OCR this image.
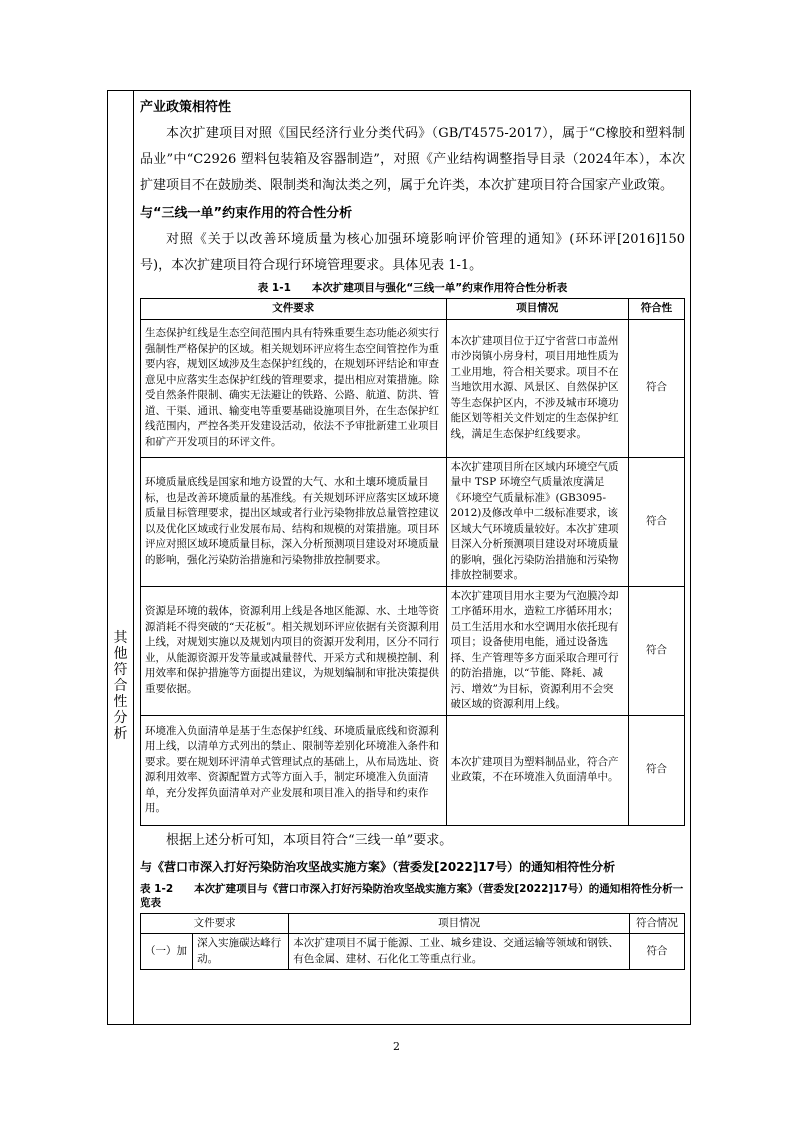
其
他
符
合
性
分
析
产业政策相符性

本次扩建项目对照《国民经济行业分类代码》（GB/T4575-2017），属于“C橡胶和塑料制品业”中“C2926 塑料包装箱及容器制造”，对照《产业结构调整指导目录（2024年本），本次扩建项目不在鼓励类、限制类和淘汰类之列，属于允许类，本次扩建项目符合国家产业政策。

与“三线一单”约束作用的符合性分析

对照《关于以改善环境质量为核心加强环境影响评价管理的通知》(环环评[2016]150号)，本次扩建项目符合现行环境管理要求。具体见表 1-1。

表 1-1　　本次扩建项目与强化“三线一单”约束作用符合性分析表
文件要求	项目情况	符合性
生态保护红线是生态空间范围内具有特殊重要生态功能必须实行强制性严格保护的区域。相关规划环评应将生态空间管控作为重要内容，规划区域涉及生态保护红线的，在规划环评结论和审查意见中应落实生态保护红线的管理要求，提出相应对策措施。除受自然条件限制、确实无法避让的铁路、公路、航道、防洪、管道、干渠、通讯、输变电等重要基础设施项目外，在生态保护红线范围内，严控各类开发建设活动，依法不予审批新建工业项目和矿产开发项目的环评文件。	本次扩建项目位于辽宁省营口市盖州市沙岗镇小房身村，项目用地性质为工业用地，符合相关要求。项目不在当地饮用水源、风景区、自然保护区等生态保护区内，不涉及城市环境功能区划等相关文件划定的生态保护红线，满足生态保护红线要求。	符合
环境质量底线是国家和地方设置的大气、水和土壤环境质量目标，也是改善环境质量的基准线。有关规划环评应落实区域环境质量目标管理要求，提出区域或者行业污染物排放总量管控建议以及优化区域或行业发展布局、结构和规模的对策措施。项目环评应对照区域环境质量目标，深入分析预测项目建设对环境质量的影响，强化污染防治措施和污染物排放控制要求。	本次扩建项目所在区域内环境空气质量中 TSP 环境空气质量浓度满足《环境空气质量标准》(GB3095-2012)及修改单中二级标准要求，该区域大气环境质量较好。本次扩建项目深入分析预测项目建设对环境质量的影响，强化污染防治措施和污染物排放控制要求。	符合
资源是环境的载体，资源利用上线是各地区能源、水、土地等资源消耗不得突破的“天花板”。相关规划环评应依据有关资源利用上线，对规划实施以及规划内项目的资源开发利用，区分不同行业，从能源资源开发等量或减量替代、开采方式和规模控制、利用效率和保护措施等方面提出建议，为规划编制和审批决策提供重要依据。	本次扩建项目用水主要为气泡膜冷却工序循环用水，造粒工序循环用水；员工生活用水和水空调用水依托现有项目；设备使用电能，通过设备选择、生产管理等多方面采取合理可行的防治措施，以“节能、降耗、减污、增效”为目标，资源利用不会突破区域的资源利用上线。	符合
环境准入负面清单是基于生态保护红线、环境质量底线和资源利用上线，以清单方式列出的禁止、限制等差别化环境准入条件和要求。要在规划环评清单式管理试点的基础上，从布局选址、资源利用效率、资源配置方式等方面入手，制定环境准入负面清单，充分发挥负面清单对产业发展和项目准入的指导和约束作用。	本次扩建项目为塑料制品业，符合产业政策，不在环境准入负面清单中。	符合

根据上述分析可知，本项目符合“三线一单”要求。

与《营口市深入打好污染防治攻坚战实施方案》（营委发[2022]17号）的通知相符性分析
表 1-2　　本次扩建项目与《营口市深入打好污染防治攻坚战实施方案》（营委发[2022]17号）的通知相符性分析一览表
文件要求		项目情况	符合情况
（一）加	深入实施碳达峰行动。	本次扩建项目不属于能源、工业、城乡建设、交通运输等领域和钢铁、有色金属、建材、石化化工等重点行业。	符合
2
